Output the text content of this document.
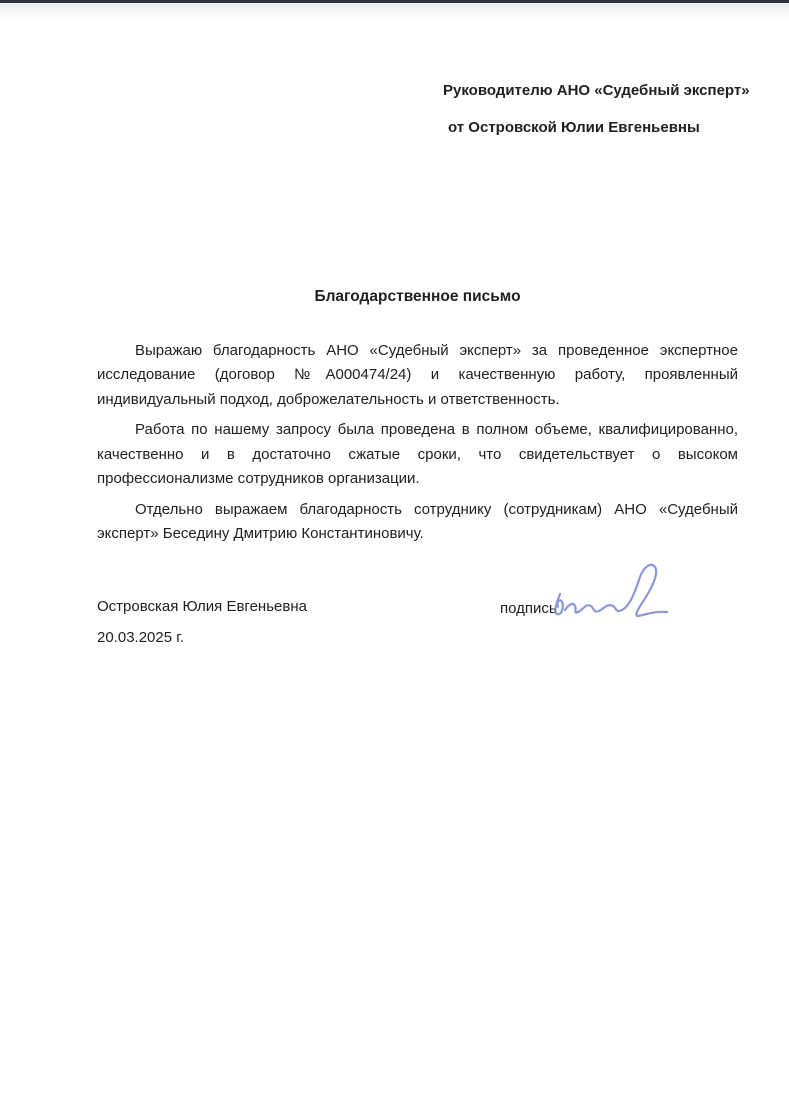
Руководителю АНО «Судебный эксперт»
от Островской Юлии Евгеньевны
Благодарственное письмо

Выражаю благодарность АНО «Судебный эксперт» за проведенное экспертное исследование (договор №А000474/24) и качественную работу, проявленный индивидуальный подход, доброжелательность и ответственность.

Работа по нашему запросу была проведена в полном объеме, квалифицированно, качественно и в достаточно сжатые сроки, что свидетельствует о высоком профессионализме сотрудников организации.

Отдельно выражаем благодарность сотруднику (сотрудникам) АНО «Судебный эксперт» Беседину Дмитрию Константиновичу.

Островская Юлия Евгеньевна	подпись
20.03.2025 г.
